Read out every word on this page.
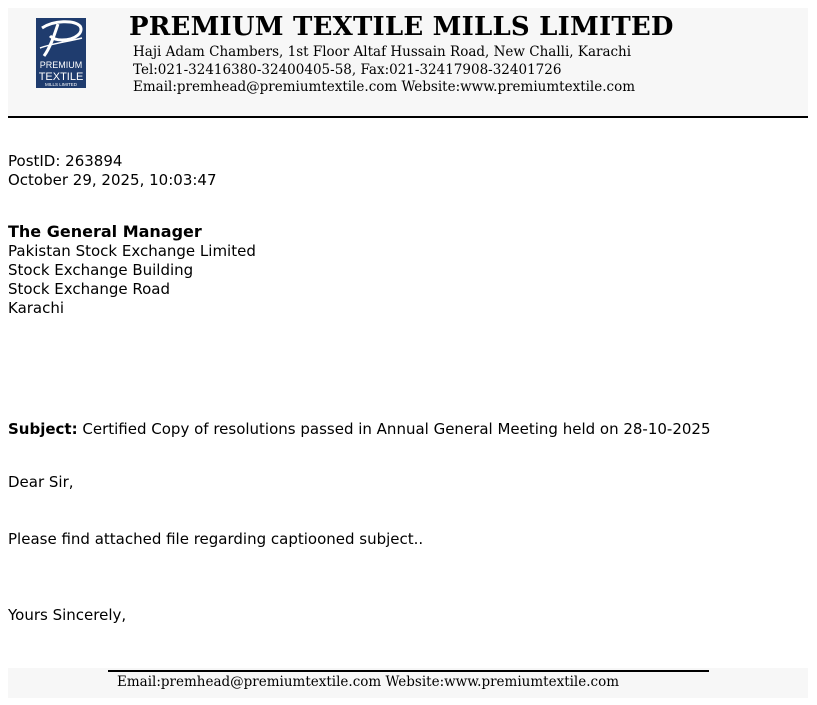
PREMIUM
TEXTILE
MILLS LIMITED
PREMIUM TEXTILE MILLS LIMITED
Haji Adam Chambers, 1st Floor Altaf Hussain Road, New Challi, Karachi
Tel:021-32416380-32400405-58, Fax:021-32417908-32401726
Email:premhead@premiumtextile.com Website:www.premiumtextile.com
PostID: 263894
October 29, 2025, 10:03:47
The General Manager
Pakistan Stock Exchange Limited
Stock Exchange Building
Stock Exchange Road
Karachi
Subject: Certified Copy of resolutions passed in Annual General Meeting held on 28-10-2025
Dear Sir,
Please find attached file regarding captiooned subject..
Yours Sincerely,
Email:premhead@premiumtextile.com Website:www.premiumtextile.com
